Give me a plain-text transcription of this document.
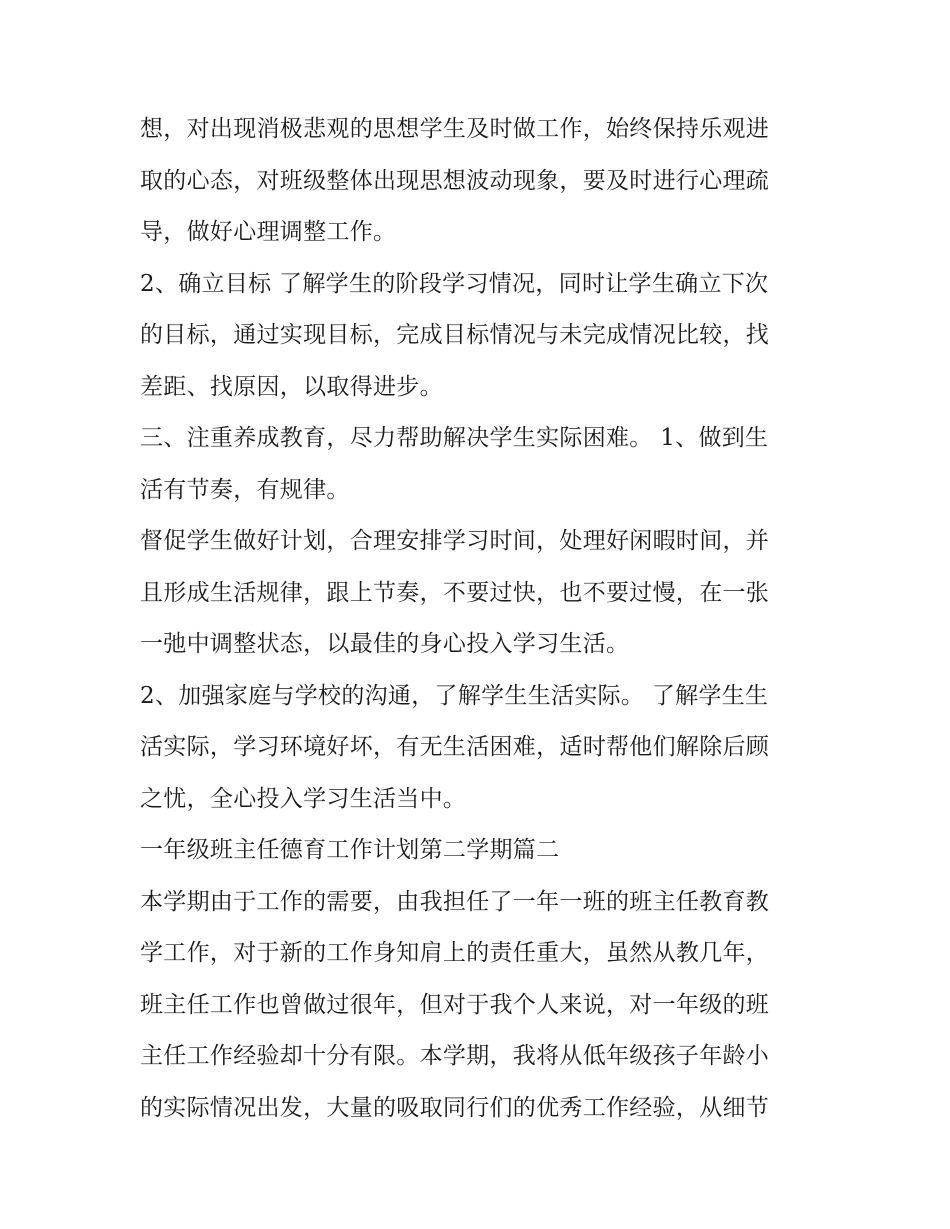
想，对出现消极悲观的思想学生及时做工作，始终保持乐观进
取的心态，对班级整体出现思想波动现象，要及时进行心理疏
导，做好心理调整工作。
2、确立目标 了解学生的阶段学习情况，同时让学生确立下次
的目标，通过实现目标，完成目标情况与未完成情况比较，找
差距、找原因，以取得进步。
三、注重养成教育，尽力帮助解决学生实际困难。 1、做到生
活有节奏，有规律。
督促学生做好计划，合理安排学习时间，处理好闲暇时间，并
且形成生活规律，跟上节奏，不要过快，也不要过慢，在一张
一弛中调整状态，以最佳的身心投入学习生活。
2、加强家庭与学校的沟通，了解学生生活实际。 了解学生生
活实际，学习环境好坏，有无生活困难，适时帮他们解除后顾
之忧，全心投入学习生活当中。
一年级班主任德育工作计划第二学期篇二
本学期由于工作的需要，由我担任了一年一班的班主任教育教
学工作，对于新的工作身知肩上的责任重大，虽然从教几年，
班主任工作也曾做过很年，但对于我个人来说，对一年级的班
主任工作经验却十分有限。本学期，我将从低年级孩子年龄小
的实际情况出发，大量的吸取同行们的优秀工作经验，从细节
